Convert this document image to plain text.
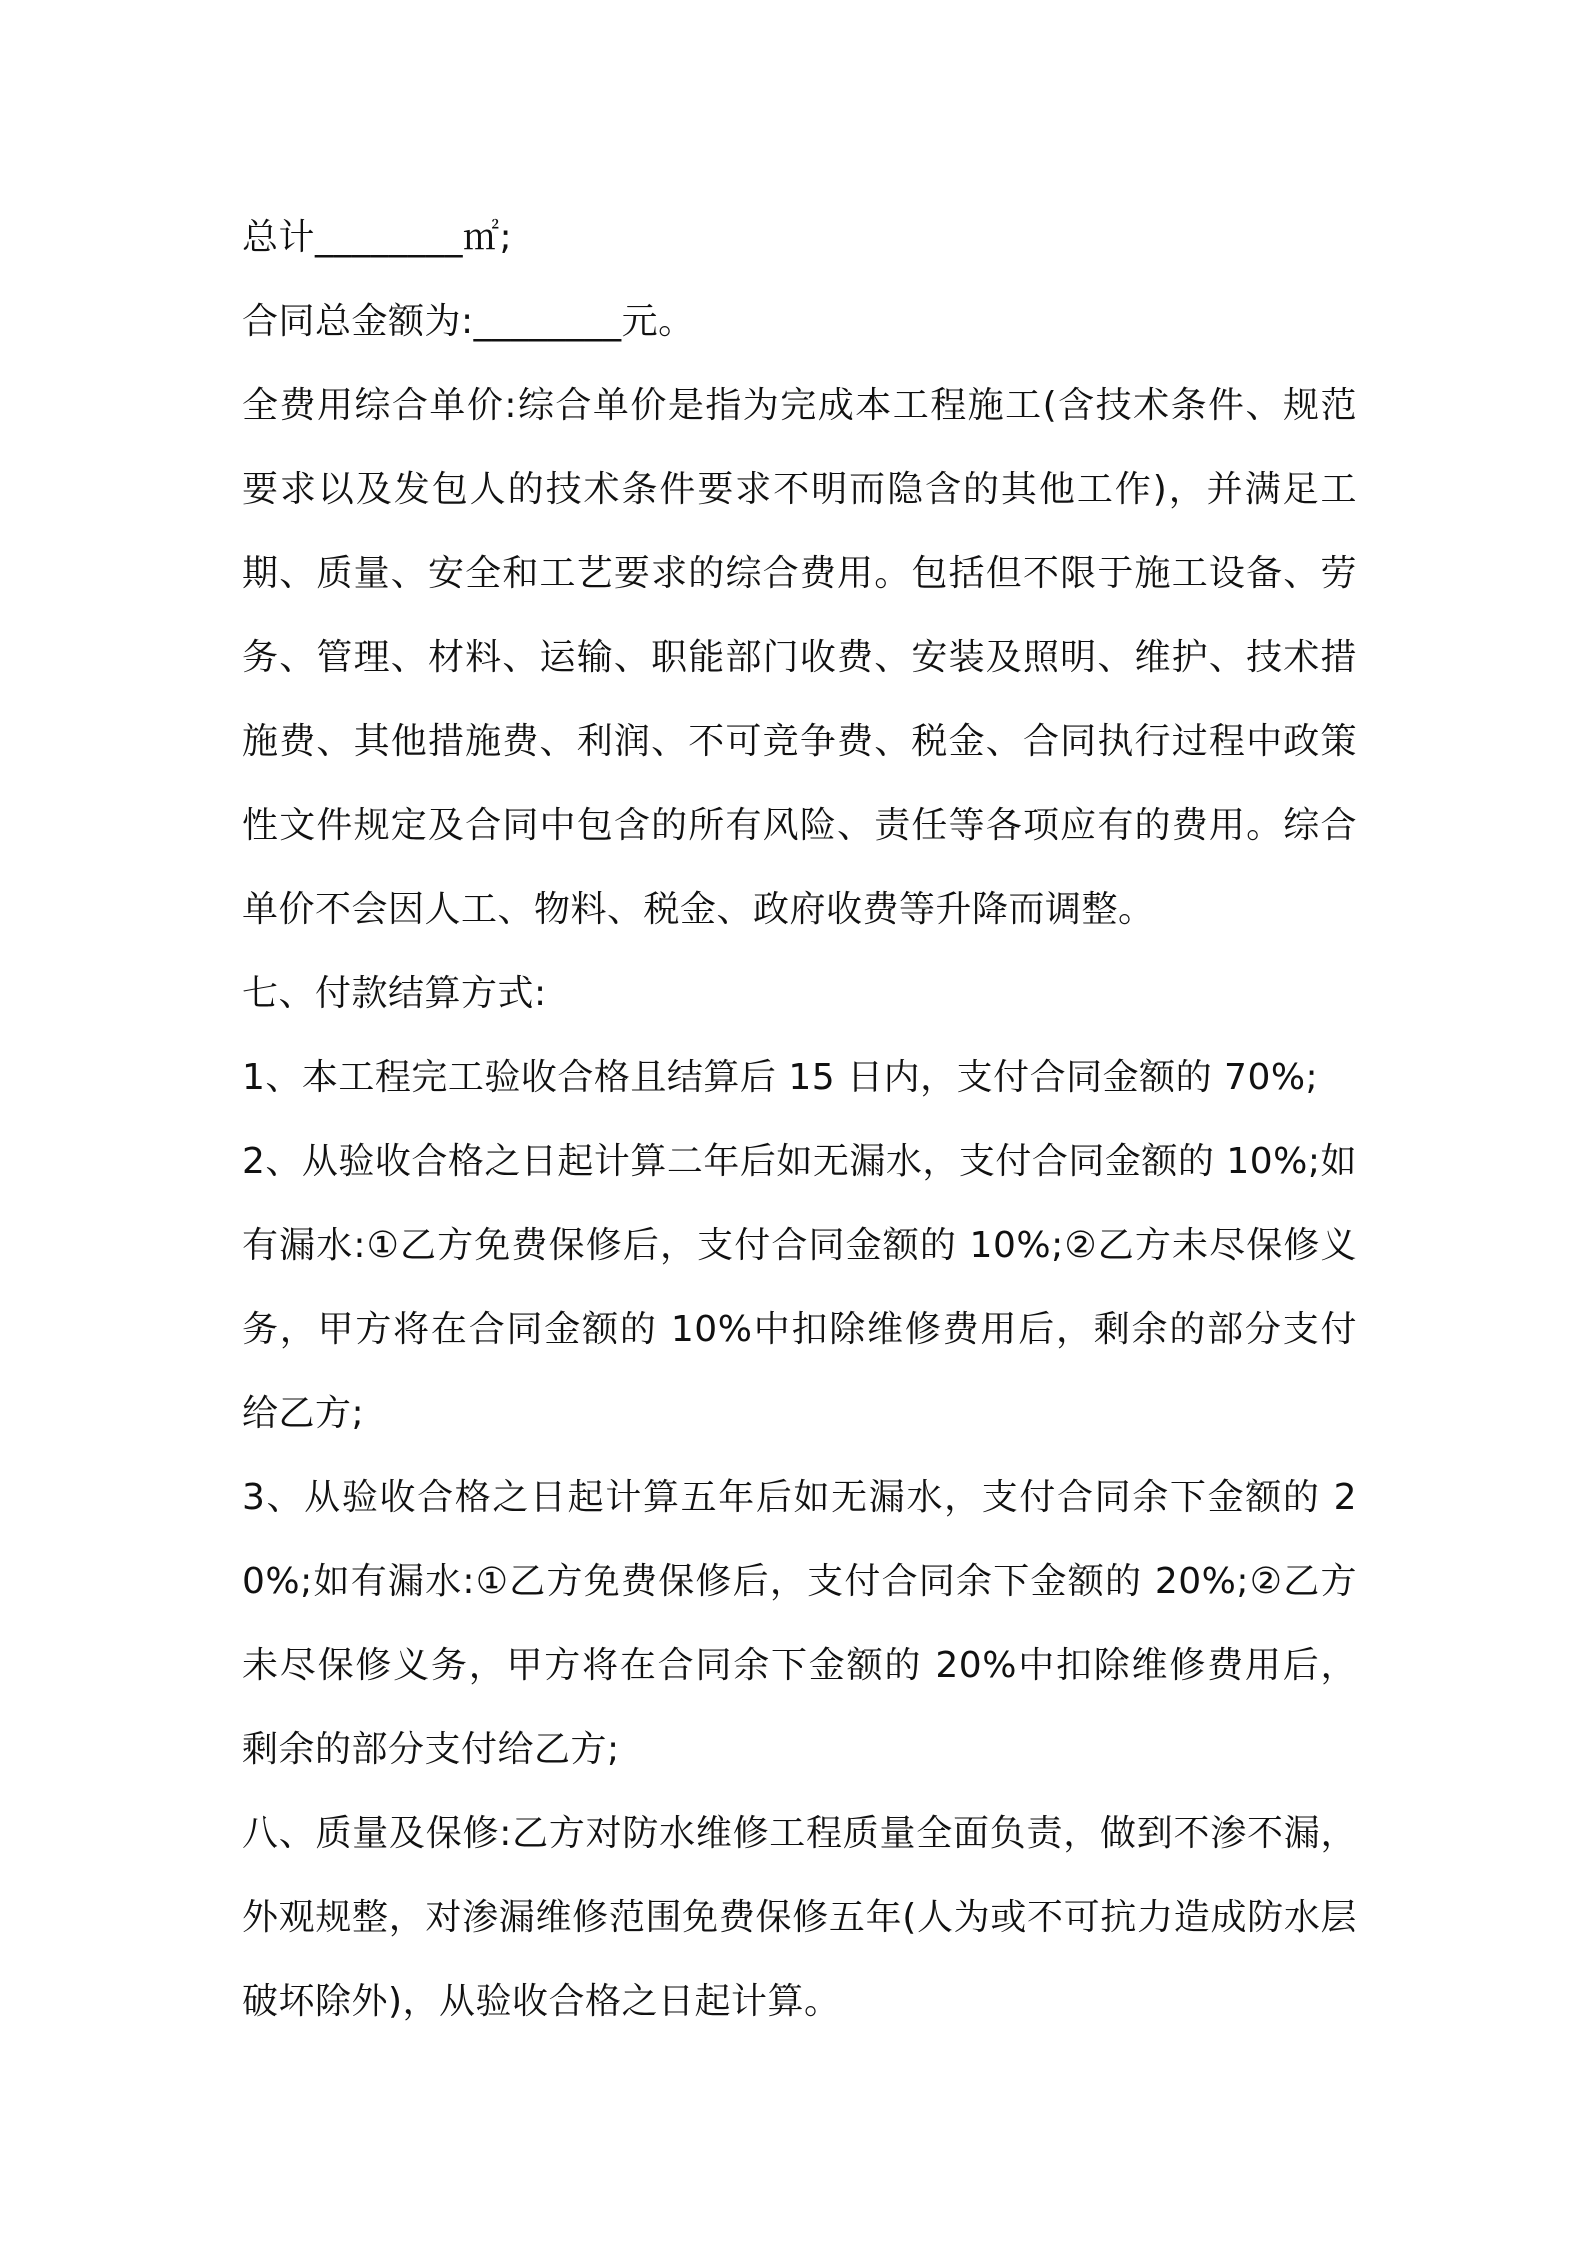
总计________㎡;

合同总金额为:________元。

全费用综合单价:综合单价是指为完成本工程施工(含技术条件、规范要求以及发包人的技术条件要求不明而隐含的其他工作)，并满足工期、质量、安全和工艺要求的综合费用。包括但不限于施工设备、劳务、管理、材料、运输、职能部门收费、安装及照明、维护、技术措施费、其他措施费、利润、不可竞争费、税金、合同执行过程中政策性文件规定及合同中包含的所有风险、责任等各项应有的费用。综合单价不会因人工、物料、税金、政府收费等升降而调整。

七、付款结算方式:

1、本工程完工验收合格且结算后 15 日内，支付合同金额的 70%;

2、从验收合格之日起计算二年后如无漏水，支付合同金额的 10%;如有漏水:①乙方免费保修后，支付合同金额的 10%;②乙方未尽保修义务，甲方将在合同金额的 10%中扣除维修费用后，剩余的部分支付给乙方;

3、从验收合格之日起计算五年后如无漏水，支付合同余下金额的 20%;如有漏水:①乙方免费保修后，支付合同余下金额的 20%;②乙方未尽保修义务，甲方将在合同余下金额的 20%中扣除维修费用后，剩余的部分支付给乙方;

八、质量及保修:乙方对防水维修工程质量全面负责，做到不渗不漏，外观规整，对渗漏维修范围免费保修五年(人为或不可抗力造成防水层破坏除外)，从验收合格之日起计算。
